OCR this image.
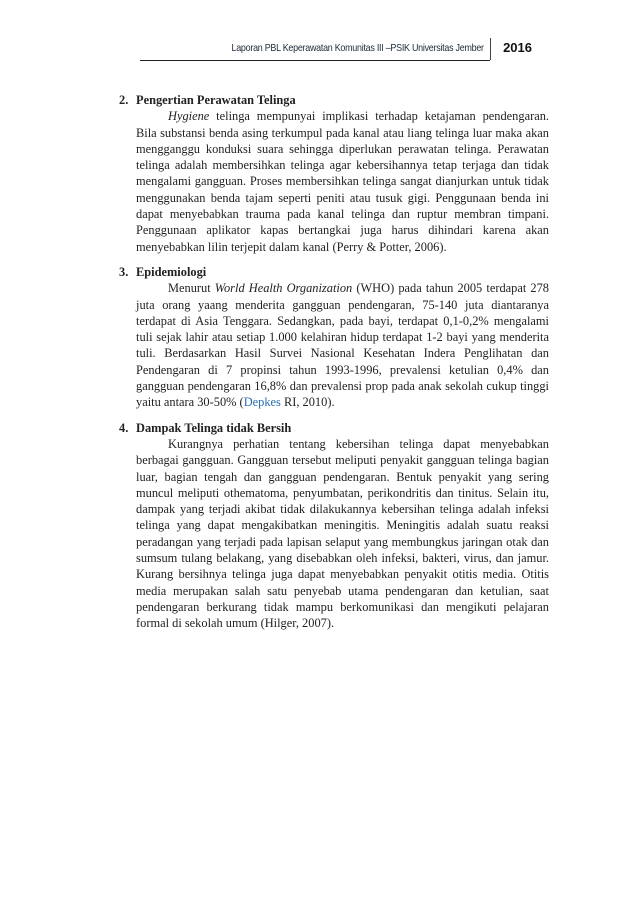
Laporan PBL Keperawatan Komunitas III –PSIK Universitas Jember 2016
2. Pengertian Perawatan Telinga
Hygiene telinga mempunyai implikasi terhadap ketajaman pendengaran. Bila substansi benda asing terkumpul pada kanal atau liang telinga luar maka akan mengganggu konduksi suara sehingga diperlukan perawatan telinga. Perawatan telinga adalah membersihkan telinga agar kebersihannya tetap terjaga dan tidak mengalami gangguan. Proses membersihkan telinga sangat dianjurkan untuk tidak menggunakan benda tajam seperti peniti atau tusuk gigi. Penggunaan benda ini dapat menyebabkan trauma pada kanal telinga dan ruptur membran timpani. Penggunaan aplikator kapas bertangkai juga harus dihindari karena akan menyebabkan lilin terjepit dalam kanal (Perry & Potter, 2006).
3. Epidemiologi
Menurut World Health Organization (WHO) pada tahun 2005 terdapat 278 juta orang yaang menderita gangguan pendengaran, 75-140 juta diantaranya terdapat di Asia Tenggara. Sedangkan, pada bayi, terdapat 0,1-0,2% mengalami tuli sejak lahir atau setiap 1.000 kelahiran hidup terdapat 1-2 bayi yang menderita tuli. Berdasarkan Hasil Survei Nasional Kesehatan Indera Penglihatan dan Pendengaran di 7 propinsi tahun 1993-1996, prevalensi ketulian 0,4% dan gangguan pendengaran 16,8% dan prevalensi prop pada anak sekolah cukup tinggi yaitu antara 30-50% (Depkes RI, 2010).
4. Dampak Telinga tidak Bersih
Kurangnya perhatian tentang kebersihan telinga dapat menyebabkan berbagai gangguan. Gangguan tersebut meliputi penyakit gangguan telinga bagian luar, bagian tengah dan gangguan pendengaran. Bentuk penyakit yang sering muncul meliputi othematoma, penyumbatan, perikondritis dan tinitus. Selain itu, dampak yang terjadi akibat tidak dilakukannya kebersihan telinga adalah infeksi telinga yang dapat mengakibatkan meningitis. Meningitis adalah suatu reaksi peradangan yang terjadi pada lapisan selaput yang membungkus jaringan otak dan sumsum tulang belakang, yang disebabkan oleh infeksi, bakteri, virus, dan jamur. Kurang bersihnya telinga juga dapat menyebabkan penyakit otitis media. Otitis media merupakan salah satu penyebab utama pendengaran dan ketulian, saat pendengaran berkurang tidak mampu berkomunikasi dan mengikuti pelajaran formal di sekolah umum (Hilger, 2007).
